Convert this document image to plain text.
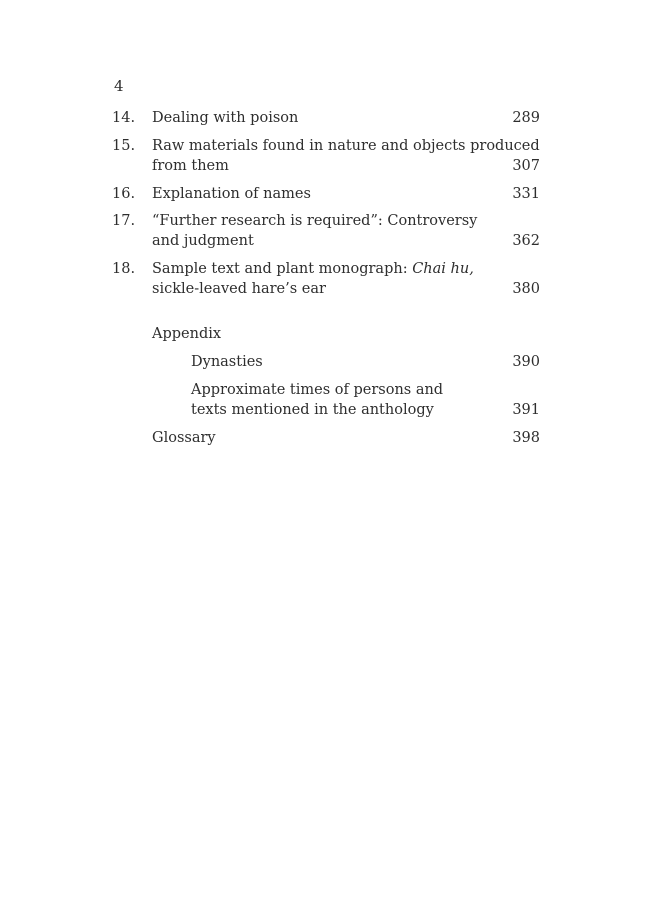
4
14. Dealing with poison	289
15. Raw materials found in nature and objects produced
from them	307
16. Explanation of names	331
17. “Further research is required”: Controversy
and judgment	362
18. Sample text and plant monograph: Chai hu,
sickle-leaved hare’s ear	380
Appendix
Dynasties	390
Approximate times of persons and
texts mentioned in the anthology	391
Glossary	398
